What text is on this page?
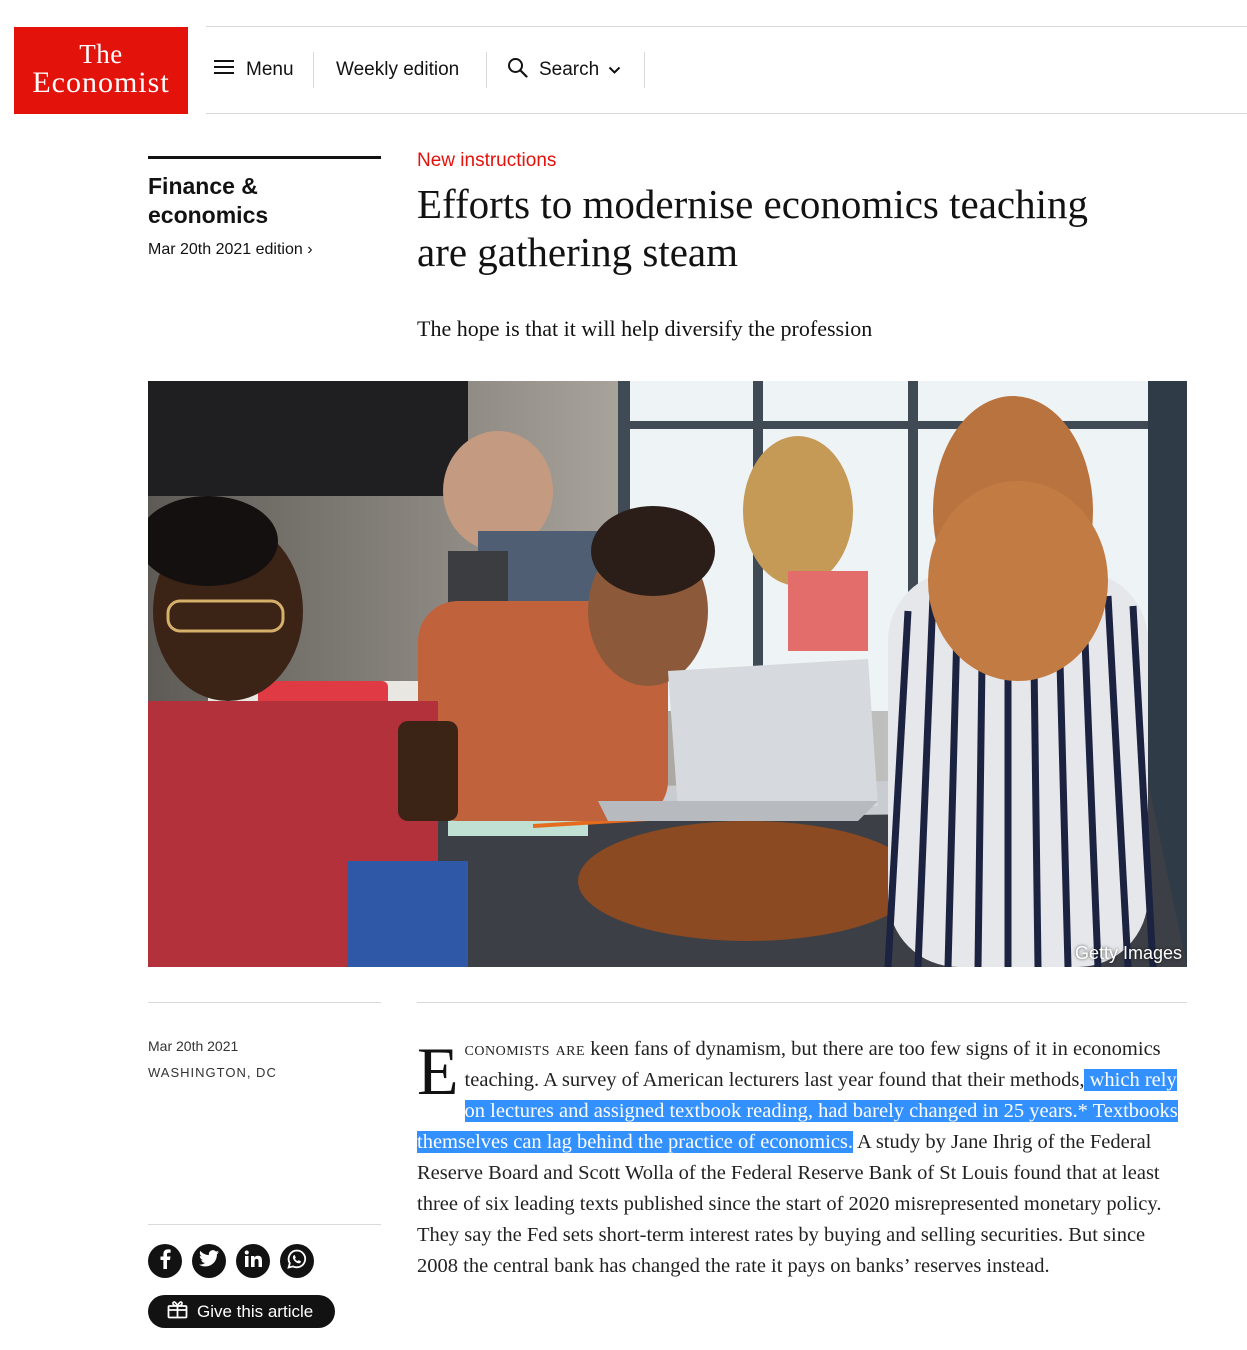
The
Economist	Menu Weekly edition	Search
Finance &
economics
Mar 20th 2021 edition ›
New instructions
Efforts to modernise economics teaching
are gathering steam
The hope is that it will help diversify the profession
Getty Images
Mar 20th 2021
WASHINGTON, DC
Give this article

Economists are keen fans of dynamism, but there are too few signs of it in economics teaching. A survey of American lecturers last year found that their methods, which rely on lectures and assigned textbook reading, had barely changed in 25 years.* Textbooks themselves can lag behind the practice of economics. A study by Jane Ihrig of the Federal Reserve Board and Scott Wolla of the Federal Reserve Bank of St Louis found that at least three of six leading texts published since the start of 2020 misrepresented monetary policy. They say the Fed sets short-term interest rates by buying and selling securities. But since 2008 the central bank has changed the rate it pays on banks’ reserves instead.
